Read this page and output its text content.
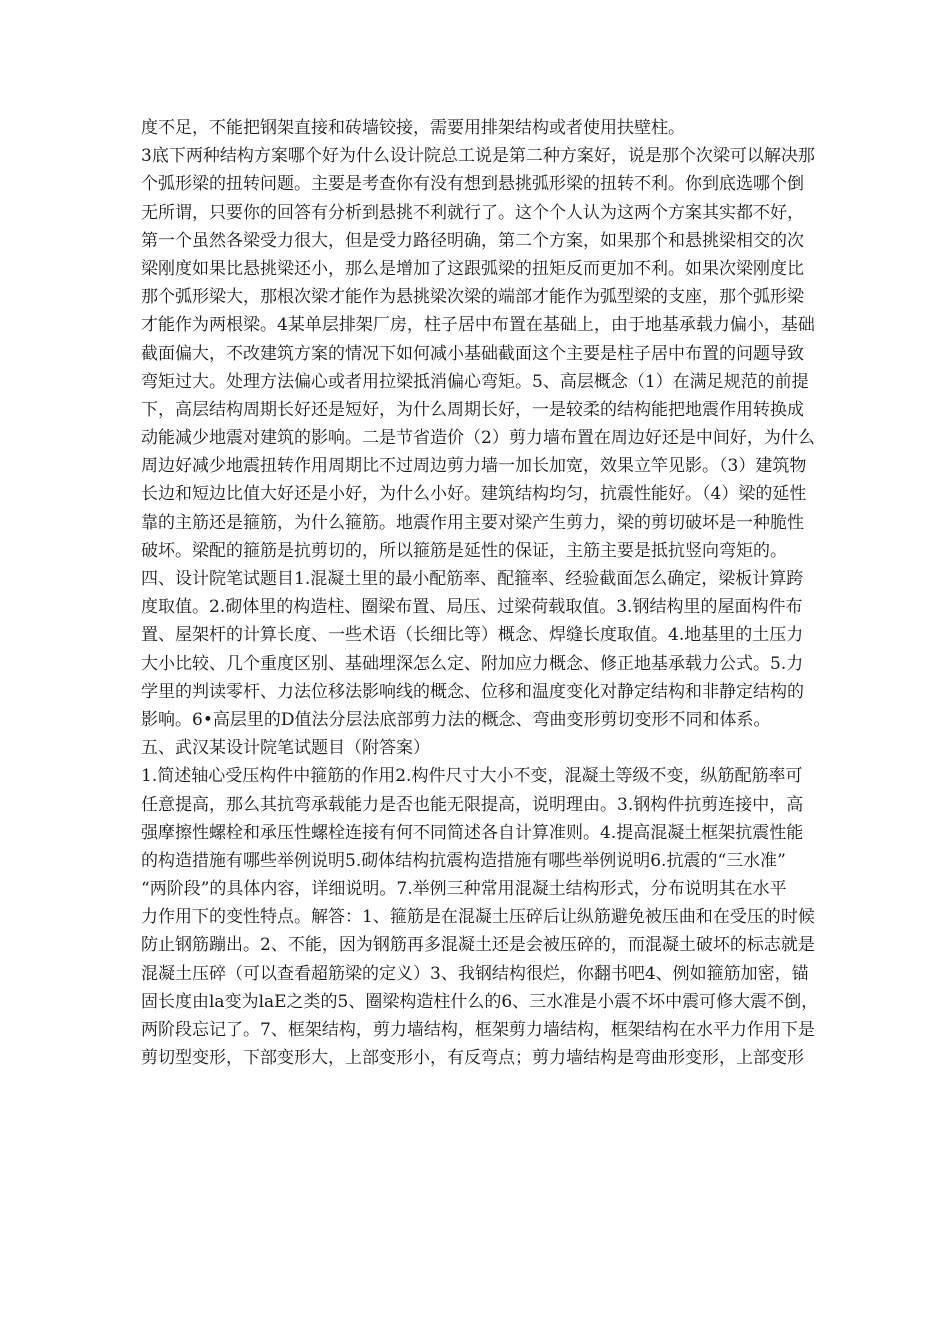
度不足，不能把钢架直接和砖墙铰接，需要用排架结构或者使用扶壁柱。
3底下两种结构方案哪个好为什么设计院总工说是第二种方案好，说是那个次梁可以解决那
个弧形梁的扭转问题。主要是考查你有没有想到悬挑弧形梁的扭转不利。你到底选哪个倒
无所谓，只要你的回答有分析到悬挑不利就行了。这个个人认为这两个方案其实都不好，
第一个虽然各梁受力很大，但是受力路径明确，第二个方案，如果那个和悬挑梁相交的次
梁刚度如果比悬挑梁还小，那么是增加了这跟弧梁的扭矩反而更加不利。如果次梁刚度比
那个弧形梁大，那根次梁才能作为悬挑梁次梁的端部才能作为弧型梁的支座，那个弧形梁
才能作为两根梁。4某单层排架厂房，柱子居中布置在基础上，由于地基承载力偏小，基础
截面偏大，不改建筑方案的情况下如何减小基础截面这个主要是柱子居中布置的问题导致
弯矩过大。处理方法偏心或者用拉梁抵消偏心弯矩。5、高层概念（1）在满足规范的前提
下，高层结构周期长好还是短好，为什么周期长好，一是较柔的结构能把地震作用转换成
动能减少地震对建筑的影响。二是节省造价（2）剪力墙布置在周边好还是中间好，为什么
周边好减少地震扭转作用周期比不过周边剪力墙一加长加宽，效果立竿见影。（3）建筑物
长边和短边比值大好还是小好，为什么小好。建筑结构均匀，抗震性能好。（4）梁的延性
靠的主筋还是箍筋，为什么箍筋。地震作用主要对梁产生剪力，梁的剪切破坏是一种脆性
破坏。梁配的箍筋是抗剪切的，所以箍筋是延性的保证，主筋主要是抵抗竖向弯矩的。
四、设计院笔试题目1.混凝土里的最小配筋率、配箍率、经验截面怎么确定，梁板计算跨
度取值。2.砌体里的构造柱、圈梁布置、局压、过梁荷载取值。3.钢结构里的屋面构件布
置、屋架杆的计算长度、一些术语（长细比等）概念、焊缝长度取值。4.地基里的土压力
大小比较、几个重度区别、基础埋深怎么定、附加应力概念、修正地基承载力公式。5.力
学里的判读零杆、力法位移法影响线的概念、位移和温度变化对静定结构和非静定结构的
影响。6•高层里的D值法分层法底部剪力法的概念、弯曲变形剪切变形不同和体系。
五、武汉某设计院笔试题目（附答案）
1.简述轴心受压构件中箍筋的作用2.构件尺寸大小不变，混凝土等级不变，纵筋配筋率可
任意提高，那么其抗弯承载能力是否也能无限提高，说明理由。3.钢构件抗剪连接中，高
强摩擦性螺栓和承压性螺栓连接有何不同简述各自计算准则。4.提高混凝土框架抗震性能
的构造措施有哪些举例说明5.砌体结构抗震构造措施有哪些举例说明6.抗震的“三水准”
“两阶段”的具体内容，详细说明。7.举例三种常用混凝土结构形式，分布说明其在水平
力作用下的变性特点。解答：1、箍筋是在混凝土压碎后让纵筋避免被压曲和在受压的时候
防止钢筋蹦出。2、不能，因为钢筋再多混凝土还是会被压碎的，而混凝土破坏的标志就是
混凝土压碎（可以查看超筋梁的定义）3、我钢结构很烂，你翻书吧4、例如箍筋加密，锚
固长度由la变为laE之类的5、圈梁构造柱什么的6、三水准是小震不坏中震可修大震不倒，
两阶段忘记了。7、框架结构，剪力墙结构，框架剪力墙结构，框架结构在水平力作用下是
剪切型变形，下部变形大，上部变形小，有反弯点；剪力墙结构是弯曲形变形，上部变形
